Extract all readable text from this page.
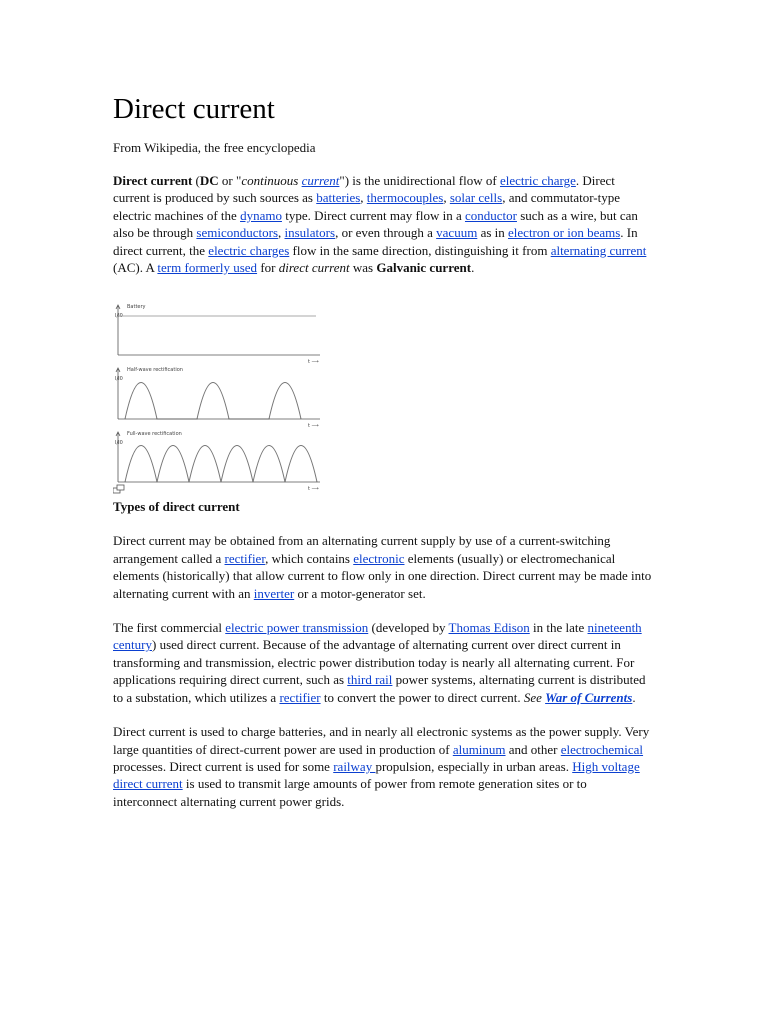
Direct current
From Wikipedia, the free encyclopedia

Direct current (DC or "continuous current") is the unidirectional flow of electric charge. Direct current is produced by such sources as batteries, thermocouples, solar cells, and commutator-type electric machines of the dynamo type. Direct current may flow in a conductor such as a wire, but can also be through semiconductors, insulators, or even through a vacuum as in electron or ion beams. In direct current, the electric charges flow in the same direction, distinguishing it from alternating current (AC). A term formerly used for direct current was Galvanic current.

I/I0
Battery
t ⟶
I/I0
Half-wave rectification
t ⟶
I/I0
Full-wave rectification
t ⟶
Types of direct current

Direct current may be obtained from an alternating current supply by use of a current-switching arrangement called a rectifier, which contains electronic elements (usually) or electromechanical elements (historically) that allow current to flow only in one direction. Direct current may be made into alternating current with an inverter or a motor-generator set.

The first commercial electric power transmission (developed by Thomas Edison in the late nineteenth century) used direct current. Because of the advantage of alternating current over direct current in transforming and transmission, electric power distribution today is nearly all alternating current. For applications requiring direct current, such as third rail power systems, alternating current is distributed to a substation, which utilizes a rectifier to convert the power to direct current. See War of Currents.

Direct current is used to charge batteries, and in nearly all electronic systems as the power supply. Very large quantities of direct-current power are used in production of aluminum and other electrochemical processes. Direct current is used for some railway propulsion, especially in urban areas. High voltage direct current is used to transmit large amounts of power from remote generation sites or to interconnect alternating current power grids.
